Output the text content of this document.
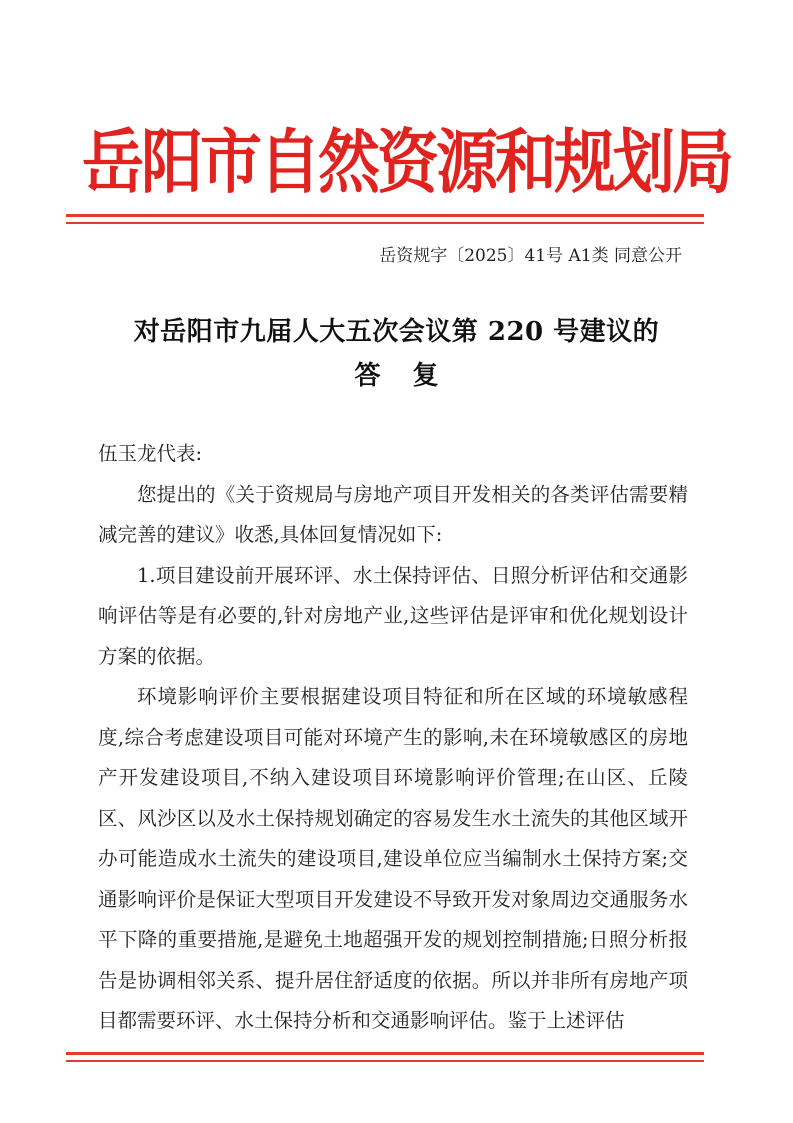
岳阳市自然资源和规划局
岳资规字〔2025〕41号 A1类 同意公开
对岳阳市九届人大五次会议第 220 号建议的
答复

伍玉龙代表:

您提出的《关于资规局与房地产项目开发相关的各类评估需要精减完善的建议》收悉,具体回复情况如下:

1.项目建设前开展环评、水土保持评估、日照分析评估和交通影响评估等是有必要的,针对房地产业,这些评估是评审和优化规划设计方案的依据。

环境影响评价主要根据建设项目特征和所在区域的环境敏感程度,综合考虑建设项目可能对环境产生的影响,未在环境敏感区的房地产开发建设项目,不纳入建设项目环境影响评价管理;在山区、丘陵区、风沙区以及水土保持规划确定的容易发生水土流失的其他区域开办可能造成水土流失的建设项目,建设单位应当编制水土保持方案;交通影响评价是保证大型项目开发建设不导致开发对象周边交通服务水平下降的重要措施,是避免土地超强开发的规划控制措施;日照分析报告是协调相邻关系、提升居住舒适度的依据。所以并非所有房地产项目都需要环评、水土保持分析和交通影响评估。鉴于上述评估
